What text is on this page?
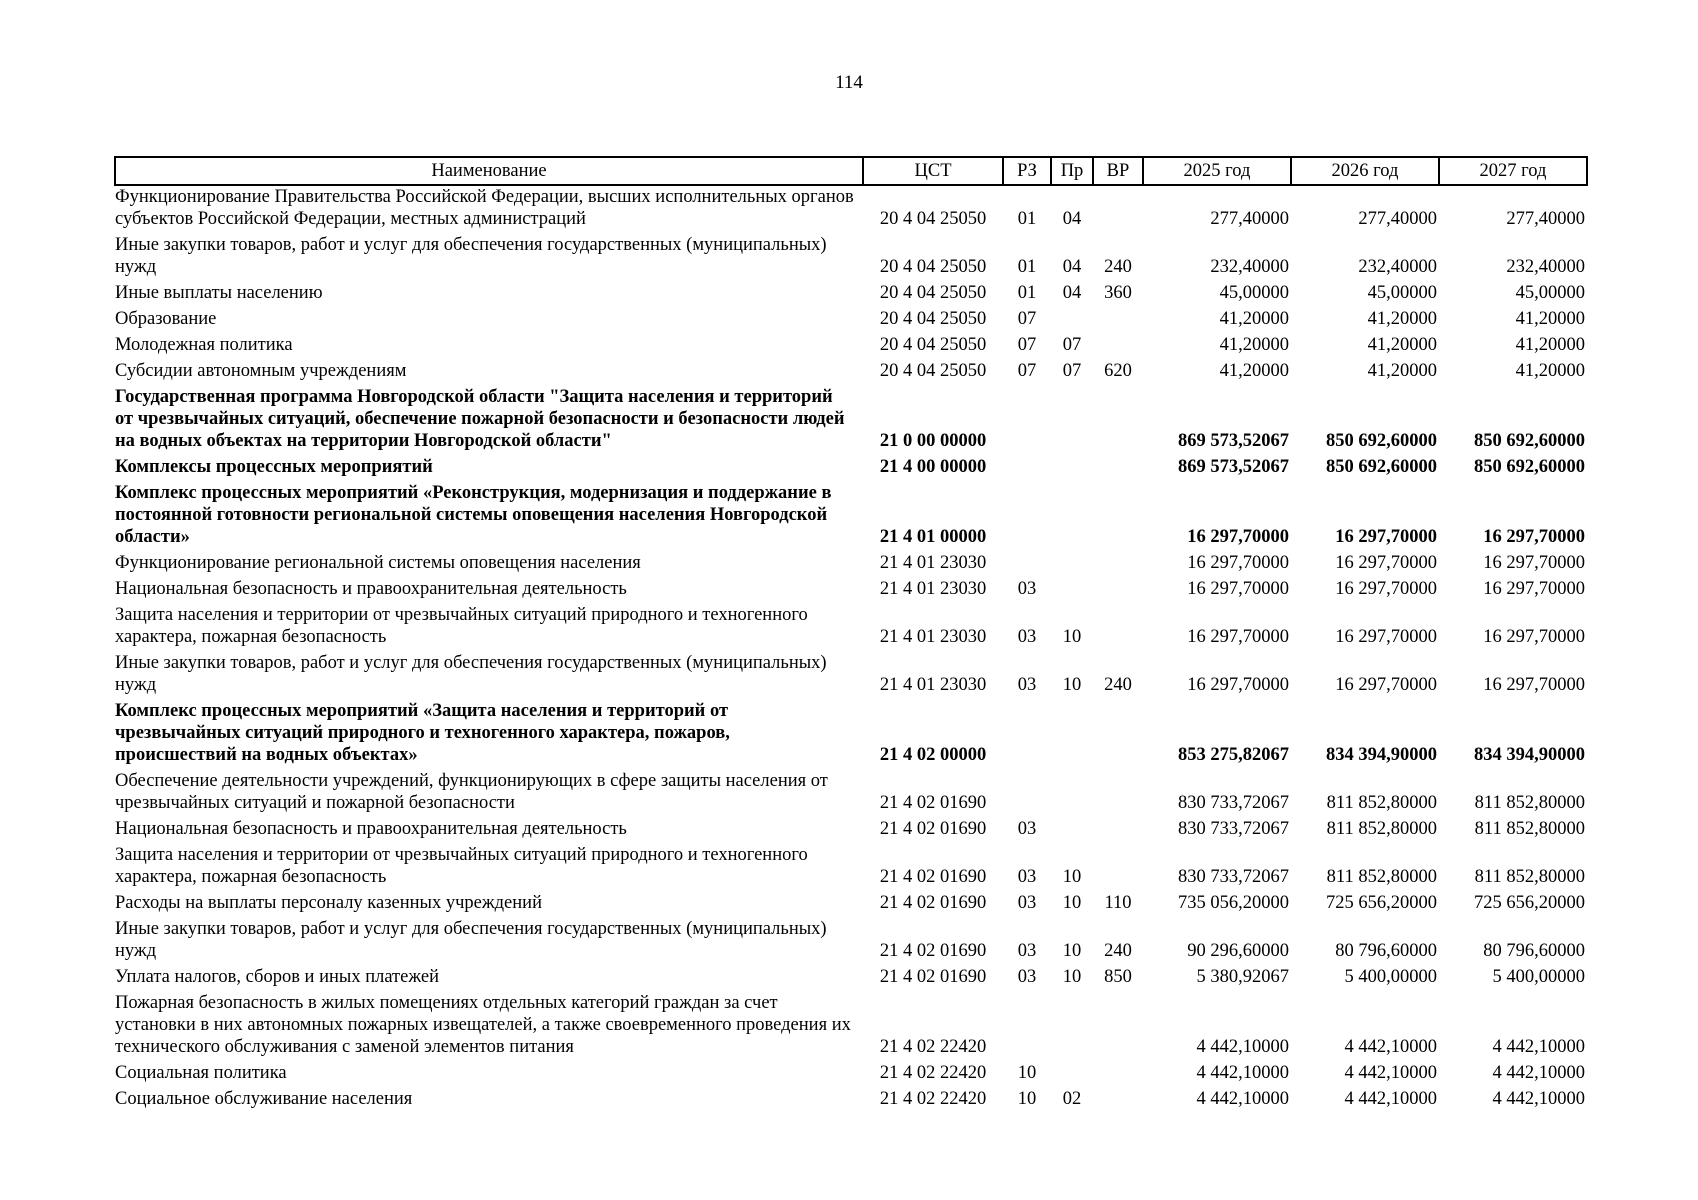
114
Наименование	ЦСТ	РЗ	Пр	ВР	2025 год	2026 год	2027 год
Функционирование Правительства Российской Федерации, высших исполнительных органов субъектов Российской Федерации, местных администраций	20 4 04 25050	01	04		277,40000	277,40000	277,40000
Иные закупки товаров, работ и услуг для обеспечения государственных (муниципальных) нужд	20 4 04 25050	01	04	240	232,40000	232,40000	232,40000
Иные выплаты населению	20 4 04 25050	01	04	360	45,00000	45,00000	45,00000
Образование	20 4 04 25050	07			41,20000	41,20000	41,20000
Молодежная политика	20 4 04 25050	07	07		41,20000	41,20000	41,20000
Субсидии автономным учреждениям	20 4 04 25050	07	07	620	41,20000	41,20000	41,20000
Государственная программа Новгородской области "Защита населения и территорий от чрезвычайных ситуаций, обеспечение пожарной безопасности и безопасности людей на водных объектах на территории Новгородской области"	21 0 00 00000				869 573,52067	850 692,60000	850 692,60000
Комплексы процессных мероприятий	21 4 00 00000				869 573,52067	850 692,60000	850 692,60000
Комплекс процессных мероприятий «Реконструкция, модернизация и поддержание в постоянной готовности региональной системы оповещения населения Новгородской области»	21 4 01 00000				16 297,70000	16 297,70000	16 297,70000
Функционирование региональной системы оповещения населения	21 4 01 23030				16 297,70000	16 297,70000	16 297,70000
Национальная безопасность и правоохранительная деятельность	21 4 01 23030	03			16 297,70000	16 297,70000	16 297,70000
Защита населения и территории от чрезвычайных ситуаций природного и техногенного характера, пожарная безопасность	21 4 01 23030	03	10		16 297,70000	16 297,70000	16 297,70000
Иные закупки товаров, работ и услуг для обеспечения государственных (муниципальных) нужд	21 4 01 23030	03	10	240	16 297,70000	16 297,70000	16 297,70000
Комплекс процессных мероприятий «Защита населения и территорий от чрезвычайных ситуаций природного и техногенного характера, пожаров, происшествий на водных объектах»	21 4 02 00000				853 275,82067	834 394,90000	834 394,90000
Обеспечение деятельности учреждений, функционирующих в сфере защиты населения от чрезвычайных ситуаций и пожарной безопасности	21 4 02 01690				830 733,72067	811 852,80000	811 852,80000
Национальная безопасность и правоохранительная деятельность	21 4 02 01690	03			830 733,72067	811 852,80000	811 852,80000
Защита населения и территории от чрезвычайных ситуаций природного и техногенного характера, пожарная безопасность	21 4 02 01690	03	10		830 733,72067	811 852,80000	811 852,80000
Расходы на выплаты персоналу казенных учреждений	21 4 02 01690	03	10	110	735 056,20000	725 656,20000	725 656,20000
Иные закупки товаров, работ и услуг для обеспечения государственных (муниципальных) нужд	21 4 02 01690	03	10	240	90 296,60000	80 796,60000	80 796,60000
Уплата налогов, сборов и иных платежей	21 4 02 01690	03	10	850	5 380,92067	5 400,00000	5 400,00000
Пожарная безопасность в жилых помещениях отдельных категорий граждан за счет установки в них автономных пожарных извещателей, а также своевременного проведения их технического обслуживания с заменой элементов питания	21 4 02 22420				4 442,10000	4 442,10000	4 442,10000
Социальная политика	21 4 02 22420	10			4 442,10000	4 442,10000	4 442,10000
Социальное обслуживание населения	21 4 02 22420	10	02		4 442,10000	4 442,10000	4 442,10000
